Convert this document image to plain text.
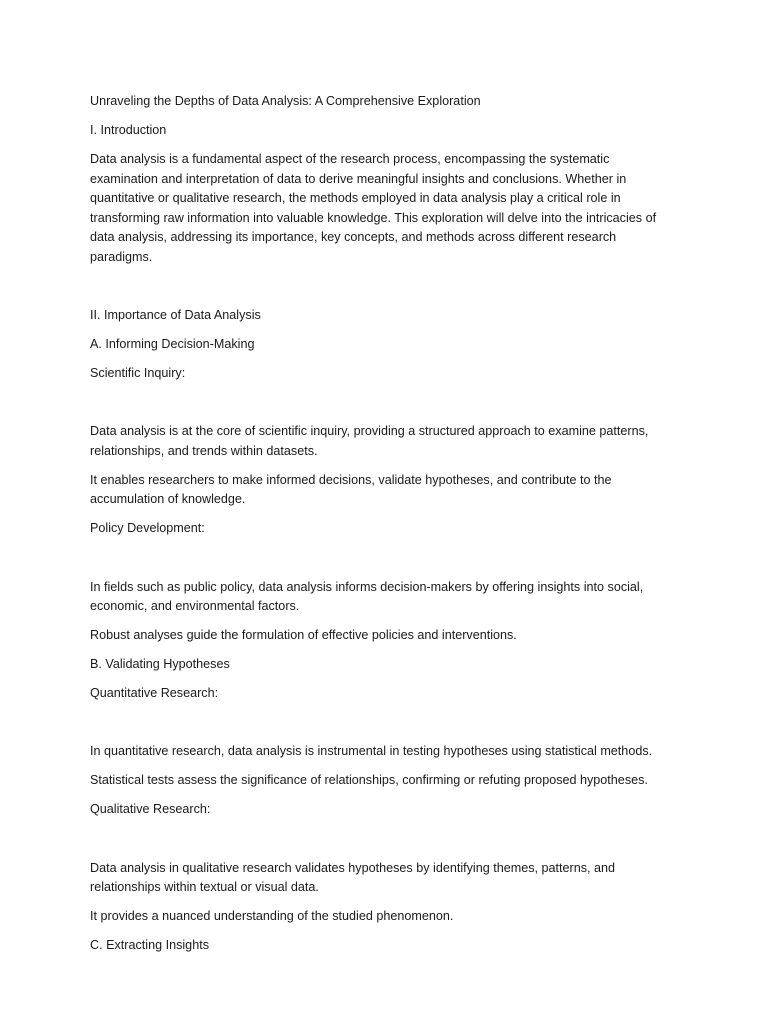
Unraveling the Depths of Data Analysis: A Comprehensive Exploration

I. Introduction

Data analysis is a fundamental aspect of the research process, encompassing the systematic examination and interpretation of data to derive meaningful insights and conclusions. Whether in quantitative or qualitative research, the methods employed in data analysis play a critical role in transforming raw information into valuable knowledge. This exploration will delve into the intricacies of data analysis, addressing its importance, key concepts, and methods across different research paradigms.

II. Importance of Data Analysis

A. Informing Decision-Making

Scientific Inquiry:

Data analysis is at the core of scientific inquiry, providing a structured approach to examine patterns, relationships, and trends within datasets.

It enables researchers to make informed decisions, validate hypotheses, and contribute to the accumulation of knowledge.

Policy Development:

In fields such as public policy, data analysis informs decision-makers by offering insights into social, economic, and environmental factors.

Robust analyses guide the formulation of effective policies and interventions.

B. Validating Hypotheses

Quantitative Research:

In quantitative research, data analysis is instrumental in testing hypotheses using statistical methods.

Statistical tests assess the significance of relationships, confirming or refuting proposed hypotheses.

Qualitative Research:

Data analysis in qualitative research validates hypotheses by identifying themes, patterns, and relationships within textual or visual data.

It provides a nuanced understanding of the studied phenomenon.

C. Extracting Insights
